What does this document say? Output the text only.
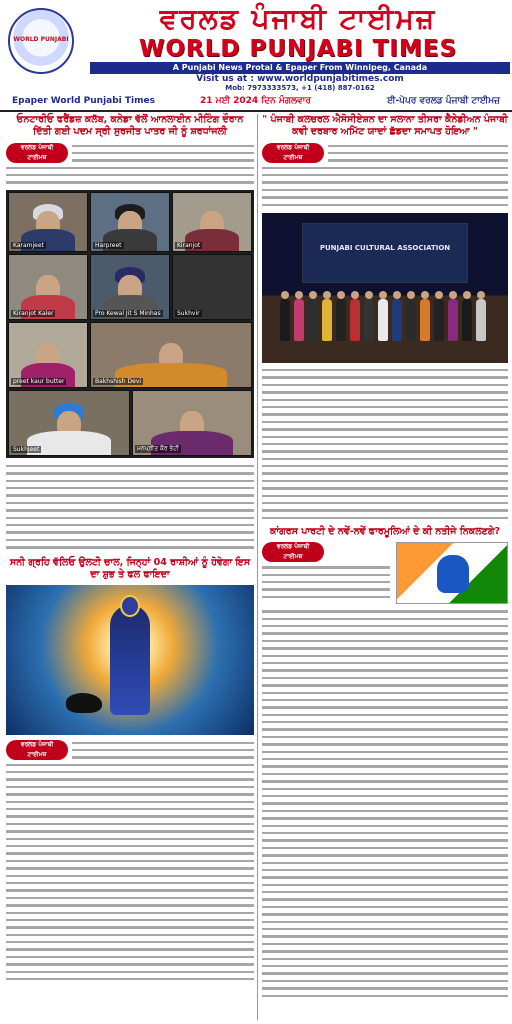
WORLD PUNJABI
ਵਰਲਡ ਪੰਜਾਬੀ ਟਾਈਮਜ਼
WORLD PUNJABI TIMES
A Punjabi News Protal & Epaper From Winnipeg, Canada
Visit us at : www.worldpunjabitimes.com
Mob: 7973333573, +1 (418) 887-0162
Epaper World Punjabi Times	21 ਮਈ 2024 ਦਿਨ ਮੰਗਲਵਾਰ	ਈ-ਪੇਪਰ ਵਰਲਡ ਪੰਜਾਬੀ ਟਾਈਮਜ਼
ਓਨਟਾਰੀਓ ਫਰੈਂਡਜ਼ ਕਲੱਬ, ਕਨੇਡਾ ਵੱਲੋਂ ਆਨਲਾਈਨ ਮੀਟਿੰਗ ਦੌਰਾਨ ਦਿੱਤੀ ਗਈ ਪਦਮ ਸ੍ਰੀ ਸੁਰਜੀਤ ਪਾਤਰ ਜੀ ਨੂੰ ਸ਼ਰਧਾਂਜਲੀ
ਵਰਲਡ ਪੰਜਾਬੀ
ਟਾਈਮਜ਼
Karamjeet	Harpreet	Kiranjot
Kiranjot Kaler	Pro Kewal Jit S Minhas	Sukhvir
preet kaur butter	Bakhshish Devi
Sukhjeet	ਮਨਪ੍ਰੀਤ ਕੌਰ ਭੱਟੀ
ਸਨੀ ਗ੍ਰਹਿ ਵੱਲਿਓ ਉਲਟੀ ਚਾਲ, ਜਿਨ੍ਹਾਂ 04 ਰਾਸ਼ੀਆਂ ਨੂੰ ਹੋਵੇਗਾ ਇਸ ਦਾ ਸ਼ੁਭ ਤੇ ਫਲ ਫਾਇਦਾ
ਵਰਲਡ ਪੰਜਾਬੀ
ਟਾਈਮਜ਼
" ਪੰਜਾਬੀ ਕਲਚਰਲ ਐਸੋਸੀਏਸ਼ਨ ਦਾ ਸਲਾਨਾ ਤੀਸਰਾ ਕੈਨੇਡੀਅਨ ਪੰਜਾਬੀ ਕਵੀ ਦਰਬਾਰ ਅਮਿੱਟ ਯਾਦਾਂ ਛੱਡਦਾ ਸਮਾਪਤ ਹੋਇਆ "
ਵਰਲਡ ਪੰਜਾਬੀ
ਟਾਈਮਜ਼
PUNJABI CULTURAL ASSOCIATION
ਕਾਂਗਰਸ ਪਾਰਟੀ ਦੇ ਨਵੇਂ-ਨਵੇਂ ਫਾਰਮੂਲਿਆਂ ਦੇ ਕੀ ਨਤੀਜੇ ਨਿਕਲਣਗੇ?
ਵਰਲਡ ਪੰਜਾਬੀ
ਟਾਈਮਜ਼
